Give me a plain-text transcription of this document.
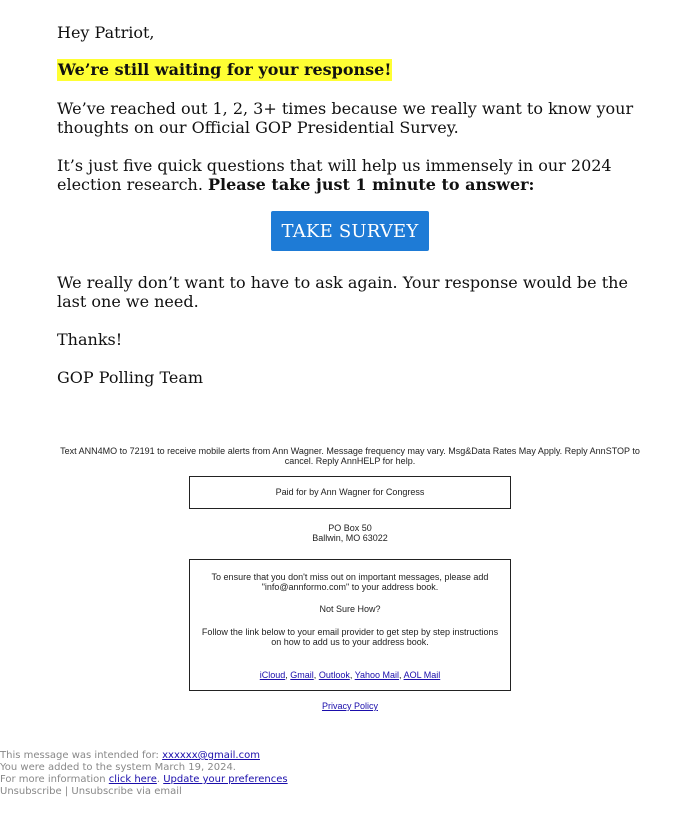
Hey Patriot,

We’re still waiting for your response!

We’ve reached out 1, 2, 3+ times because we really want to know your thoughts on our Official GOP Presidential Survey.

It’s just five quick questions that will help us immensely in our 2024 election research. Please take just 1 minute to answer:

TAKE SURVEY

We really don’t want to have to ask again. Your response would be the last one we need.

Thanks!

GOP Polling Team

Text ANN4MO to 72191 to receive mobile alerts from Ann Wagner. Message frequency may vary. Msg&Data Rates May Apply. Reply AnnSTOP to cancel. Reply AnnHELP for help.
Paid for by Ann Wagner for Congress
PO Box 50
Ballwin, MO 63022
To ensure that you don't miss out on important messages, please add "info@annformo.com" to your address book.
Not Sure How?
Follow the link below to your email provider to get step by step instructions on how to add us to your address book.
iCloud, Gmail, Outlook, Yahoo Mail, AOL Mail
Privacy Policy
This message was intended for: xxxxxx@gmail.com
You were added to the system March 19, 2024.
For more information click here. Update your preferences
Unsubscribe | Unsubscribe via email
